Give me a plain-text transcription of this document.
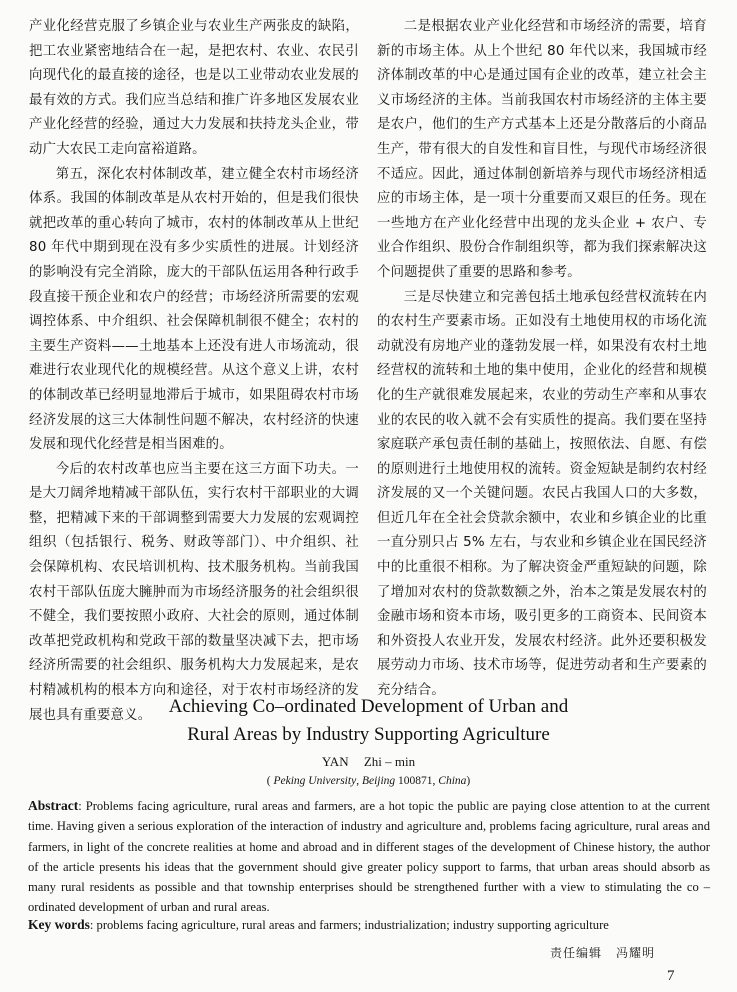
产业化经营克服了乡镇企业与农业生产两张皮的缺陷，把工农业紧密地结合在一起，是把农村、农业、农民引向现代化的最直接的途径，也是以工业带动农业发展的最有效的方式。我们应当总结和推广许多地区发展农业产业化经营的经验，通过大力发展和扶持龙头企业，带动广大农民工走向富裕道路。

第五，深化农村体制改革，建立健全农村市场经济体系。我国的体制改革是从农村开始的，但是我们很快就把改革的重心转向了城市，农村的体制改革从上世纪 80 年代中期到现在没有多少实质性的进展。计划经济的影响没有完全消除，庞大的干部队伍运用各种行政手段直接干预企业和农户的经营；市场经济所需要的宏观调控体系、中介组织、社会保障机制很不健全；农村的主要生产资料——土地基本上还没有进人市场流动，很难进行农业现代化的规模经营。从这个意义上讲，农村的体制改革已经明显地滞后于城市，如果阻碍农村市场经济发展的这三大体制性问题不解决，农村经济的快速发展和现代化经营是相当困难的。

今后的农村改革也应当主要在这三方面下功夫。一是大刀阔斧地精减干部队伍，实行农村干部职业的大调整，把精减下来的干部调整到需要大力发展的宏观调控组织（包括银行、税务、财政等部门）、中介组织、社会保障机构、农民培训机构、技术服务机构。当前我国农村干部队伍庞大臃肿而为市场经济服务的社会组织很不健全，我们要按照小政府、大社会的原则，通过体制改革把党政机构和党政干部的数量坚决减下去，把市场经济所需要的社会组织、服务机构大力发展起来，是农村精减机构的根本方向和途径，对于农村市场经济的发展也具有重要意义。

二是根据农业产业化经营和市场经济的需要，培育新的市场主体。从上个世纪 80 年代以来，我国城市经济体制改革的中心是通过国有企业的改革，建立社会主义市场经济的主体。当前我国农村市场经济的主体主要是农户，他们的生产方式基本上还是分散落后的小商品生产，带有很大的自发性和盲目性，与现代市场经济很不适应。因此，通过体制创新培养与现代市场经济相适应的市场主体，是一项十分重要而又艰巨的任务。现在一些地方在产业化经营中出现的龙头企业 + 农户、专业合作组织、股份合作制组织等，都为我们探索解决这个问题提供了重要的思路和参考。

三是尽快建立和完善包括土地承包经营权流转在内的农村生产要素市场。正如没有土地使用权的市场化流动就没有房地产业的蓬勃发展一样，如果没有农村土地经营权的流转和土地的集中使用，企业化的经营和规模化的生产就很难发展起来，农业的劳动生产率和从事农业的农民的收入就不会有实质性的提高。我们要在坚持家庭联产承包责任制的基础上，按照依法、自愿、有偿的原则进行土地使用权的流转。资金短缺是制约农村经济发展的又一个关键问题。农民占我国人口的大多数，但近几年在全社会贷款余额中，农业和乡镇企业的比重一直分别只占 5% 左右，与农业和乡镇企业在国民经济中的比重很不相称。为了解决资金严重短缺的问题，除了增加对农村的贷款数额之外，治本之策是发展农村的金融市场和资本市场，吸引更多的工商资本、民间资本和外资投人农业开发，发展农村经济。此外还要积极发展劳动力市场、技术市场等，促进劳动者和生产要素的充分结合。

Achieving Co–ordinated Development of Urban and
Rural Areas by Industry Supporting Agriculture
YAN Zhi – min
( Peking University, Beijing 100871, China)
Abstract: Problems facing agriculture, rural areas and farmers, are a hot topic the public are paying close attention to at the current time. Having given a serious exploration of the interaction of industry and agriculture and, problems facing agriculture, rural areas and farmers, in light of the concrete realities at home and abroad and in different stages of the development of Chinese history, the author of the article presents his ideas that the government should give greater policy support to farms, that urban areas should absorb as many rural residents as possible and that township enterprises should be strengthened further with a view to stimulating the co – ordinated development of urban and rural areas.
Key words: problems facing agriculture, rural areas and farmers; industrialization; industry supporting agriculture
责任编辑 冯耀明
7
